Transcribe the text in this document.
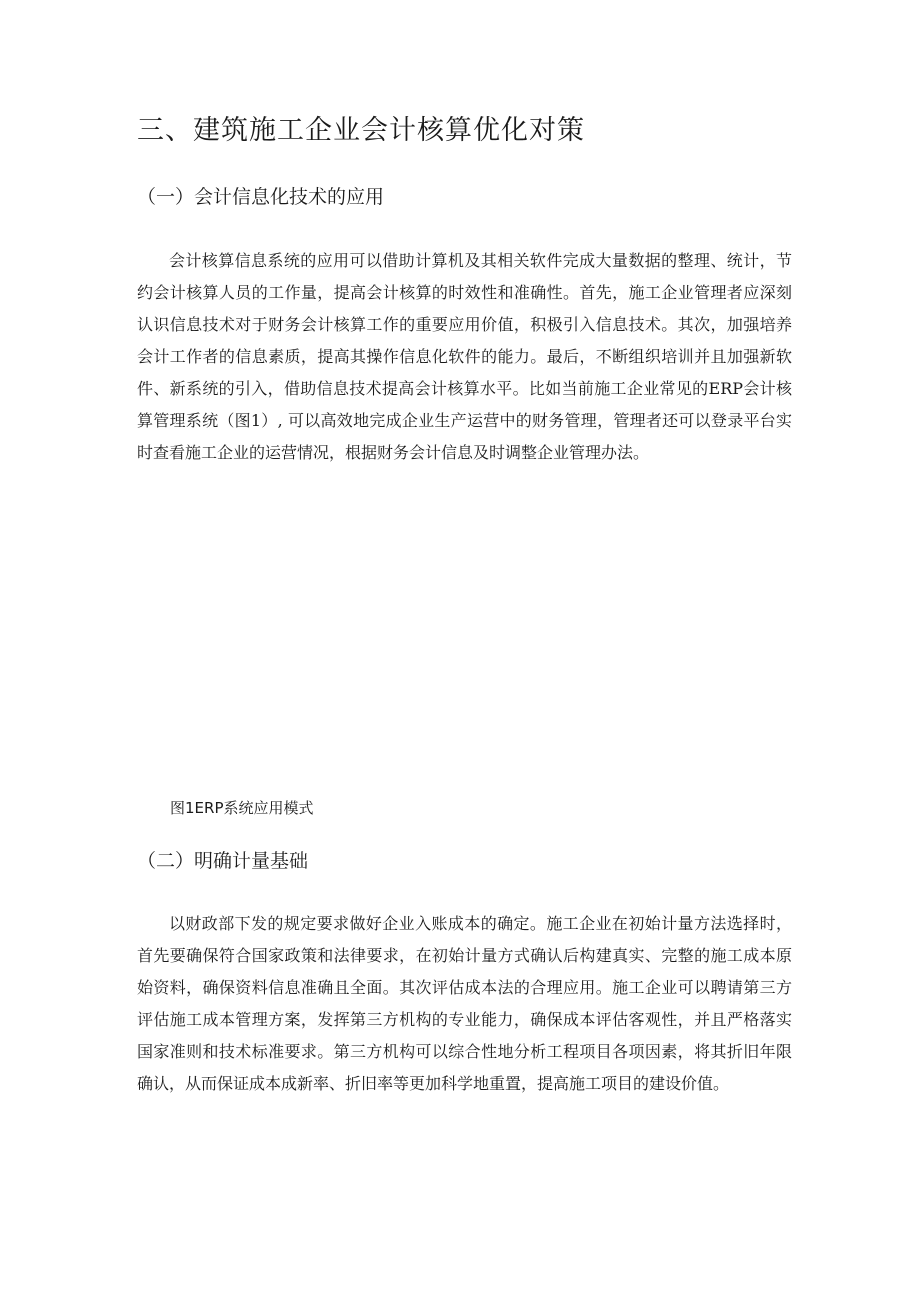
三、建筑施工企业会计核算优化对策
（一）会计信息化技术的应用

会计核算信息系统的应用可以借助计算机及其相关软件完成大量数据的整理、统计，节约会计核算人员的工作量，提高会计核算的时效性和准确性。首先，施工企业管理者应深刻认识信息技术对于财务会计核算工作的重要应用价值，积极引入信息技术。其次，加强培养会计工作者的信息素质，提高其操作信息化软件的能力。最后，不断组织培训并且加强新软件、新系统的引入，借助信息技术提高会计核算水平。比如当前施工企业常见的ERP会计核算管理系统（图1）, 可以高效地完成企业生产运营中的财务管理，管理者还可以登录平台实时查看施工企业的运营情况，根据财务会计信息及时调整企业管理办法。

图1ERP系统应用模式

（二）明确计量基础

以财政部下发的规定要求做好企业入账成本的确定。施工企业在初始计量方法选择时，首先要确保符合国家政策和法律要求，在初始计量方式确认后构建真实、完整的施工成本原始资料，确保资料信息准确且全面。其次评估成本法的合理应用。施工企业可以聘请第三方评估施工成本管理方案，发挥第三方机构的专业能力，确保成本评估客观性，并且严格落实国家准则和技术标准要求。第三方机构可以综合性地分析工程项目各项因素，将其折旧年限确认，从而保证成本成新率、折旧率等更加科学地重置，提高施工项目的建设价值。
